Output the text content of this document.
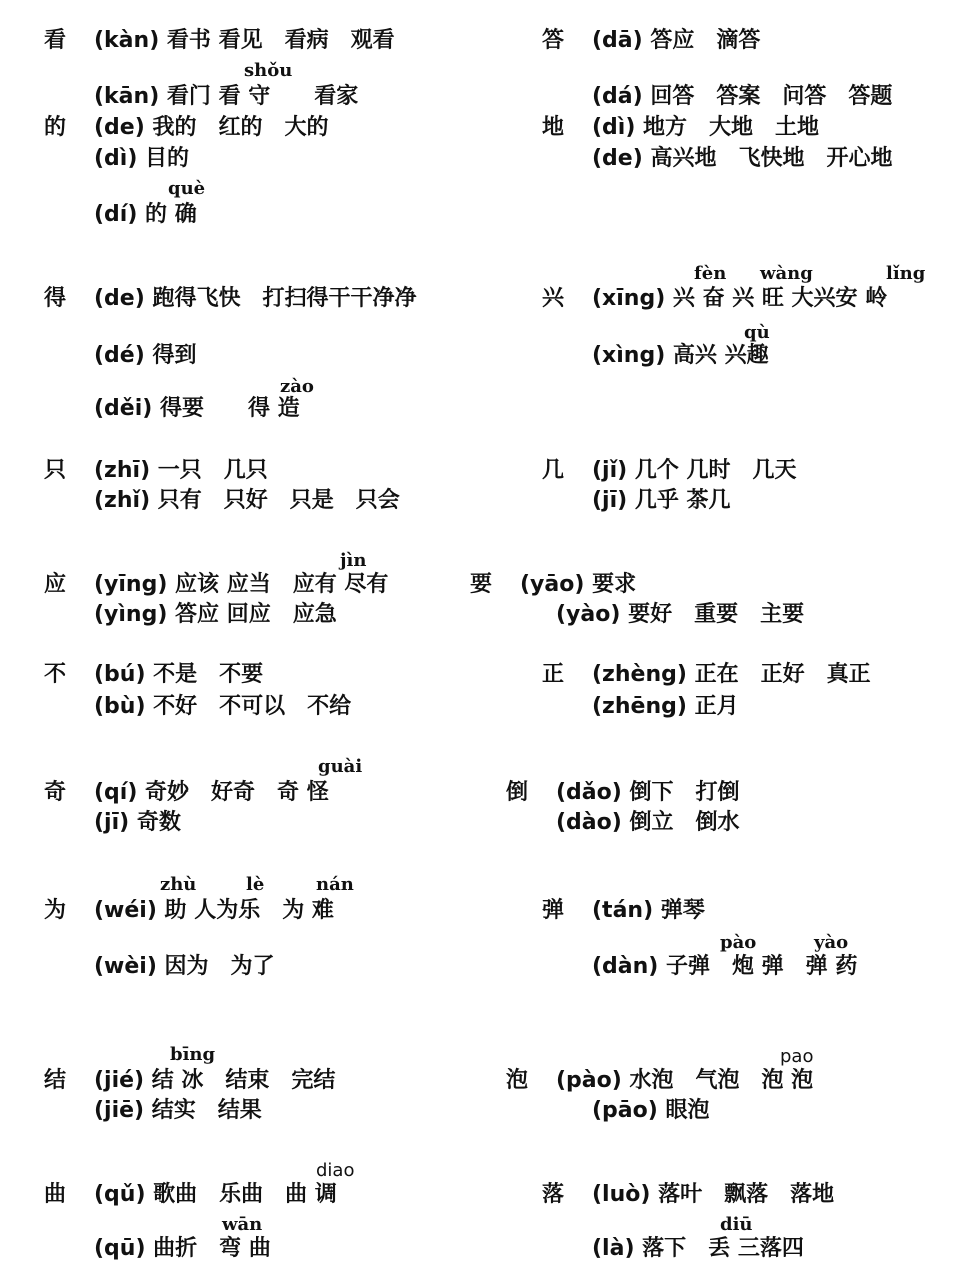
看 (kàn) 看书 看见　看病　观看
shǒu
(kān) 看门 看 守　　看家
答 (dā) 答应　滴答
(dá) 回答　答案　问答　答题
的 (de) 我的　红的　大的
(dì) 目的
què
(dí) 的 确
地 (dì) 地方　大地　土地
(de) 高兴地　飞快地　开心地
得 (de) 跑得飞快　打扫得干干净净
(dé) 得到
zào
(děi) 得要　　得 造
兴
fèn wàng	lǐng
(xīng) 兴 奋 兴 旺 大兴安 岭
qù
(xìng) 高兴 兴趣
只 (zhī) 一只　几只
(zhǐ) 只有　只好　只是　只会
几 (jǐ) 几个 几时　几天
(jī) 几乎 茶几
应
jìn
(yīng) 应该 应当　应有 尽有
(yìng) 答应 回应　应急
要 (yāo) 要求
(yào) 要好　重要　主要
不 (bú) 不是　不要
(bù) 不好　不可以　不给
正 (zhèng) 正在　正好　真正
(zhēng) 正月
奇
guài
(qí) 奇妙　好奇　奇 怪
(jī) 奇数
倒 (dǎo) 倒下　打倒
(dào) 倒立　倒水
为
zhù	lè	nán
(wéi) 助 人为乐　为 难
(wèi) 因为　为了
弹 (tán) 弹琴
pào	yào
(dàn) 子弹　炮 弹　弹 药
结
bīng
(jié) 结 冰　结束　完结
(jiē) 结实　结果
泡
pao
(pào) 水泡　气泡　泡 泡
(pāo) 眼泡
曲
diao
(qǔ) 歌曲　乐曲　曲 调
wān
(qū) 曲折　弯 曲
落 (luò) 落叶　飘落　落地
diū
(là) 落下　丢 三落四
